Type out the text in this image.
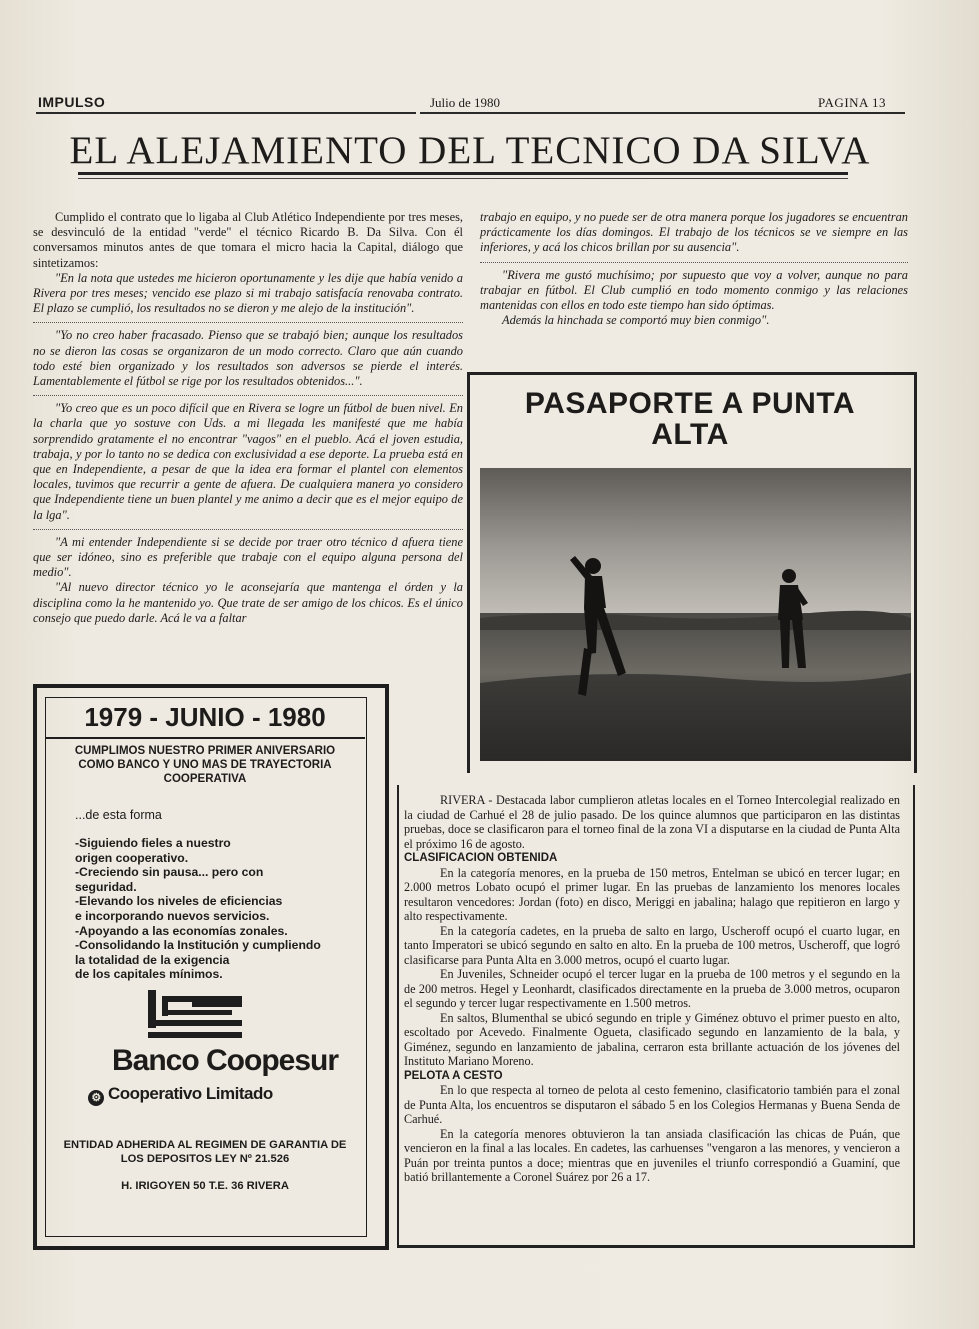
IMPULSO	Julio de 1980	PAGINA 13
EL ALEJAMIENTO DEL TECNICO DA SILVA

Cumplido el contrato que lo ligaba al Club Atlético Independiente por tres meses, se desvinculó de la entidad "verde" el técnico Ricardo B. Da Silva. Con él conversamos minutos antes de que tomara el micro hacia la Capital, diálogo que sintetizamos:

"En la nota que ustedes me hicieron oportunamente y les dije que había venido a Rivera por tres meses; vencido ese plazo si mi trabajo satisfacía renovaba contrato. El plazo se cumplió, los resultados no se dieron y me alejo de la institución".

"Yo no creo haber fracasado. Pienso que se trabajó bien; aunque los resultados no se dieron las cosas se organizaron de un modo correcto. Claro que aún cuando todo esté bien organizado y los resultados son adversos se pierde el interés. Lamentablemente el fútbol se rige por los resultados obtenidos...".

"Yo creo que es un poco difícil que en Rivera se logre un fútbol de buen nivel. En la charla que yo sostuve con Uds. a mi llegada les manifesté que me había sorprendido gratamente el no encontrar "vagos" en el pueblo. Acá el joven estudia, trabaja, y por lo tanto no se dedica con exclusividad a ese deporte. La prueba está en que en Independiente, a pesar de que la idea era formar el plantel con elementos locales, tuvimos que recurrir a gente de afuera. De cualquiera manera yo considero que Independiente tiene un buen plantel y me animo a decir que es el mejor equipo de la lga".

"A mi entender Independiente si se decide por traer otro técnico d afuera tiene que ser idóneo, sino es preferible que trabaje con el equipo alguna persona del medio".

"Al nuevo director técnico yo le aconsejaría que mantenga el órden y la disciplina como la he mantenido yo. Que trate de ser amigo de los chicos. Es el único consejo que puedo darle. Acá le va a faltar

trabajo en equipo, y no puede ser de otra manera porque los jugadores se encuentran prácticamente los días domingos. El trabajo de los técnicos se ve siempre en las inferiores, y acá los chicos brillan por su ausencia".

"Rivera me gustó muchísimo; por supuesto que voy a volver, aunque no para trabajar en fútbol. El Club cumplió en todo momento conmigo y las relaciones mantenidas con ellos en todo este tiempo han sido óptimas.

Además la hinchada se comportó muy bien conmigo".

PASAPORTE A PUNTA ALTA

RIVERA - Destacada labor cumplieron atletas locales en el Torneo Intercolegial realizado en la ciudad de Carhué el 28 de julio pasado. De los quince alumnos que participaron en las distintas pruebas, doce se clasificaron para el torneo final de la zona VI a disputarse en la ciudad de Punta Alta el próximo 16 de agosto.

CLASIFICACION OBTENIDA

En la categoría menores, en la prueba de 150 metros, Entelman se ubicó en tercer lugar; en 2.000 metros Lobato ocupó el primer lugar. En las pruebas de lanzamiento los menores locales resultaron vencedores: Jordan (foto) en disco, Meriggi en jabalina; halago que repitieron en largo y alto respectivamente.

En la categoría cadetes, en la prueba de salto en largo, Uscheroff ocupó el cuarto lugar, en tanto Imperatori se ubicó segundo en salto en alto. En la prueba de 100 metros, Uscheroff, que logró clasificarse para Punta Alta en 3.000 metros, ocupó el cuarto lugar.

En Juveniles, Schneider ocupó el tercer lugar en la prueba de 100 metros y el segundo en la de 200 metros. Hegel y Leonhardt, clasificados directamente en la prueba de 3.000 metros, ocuparon el segundo y tercer lugar respectivamente en 1.500 metros.

En saltos, Blumenthal se ubicó segundo en triple y Giménez obtuvo el primer puesto en alto, escoltado por Acevedo. Finalmente Ogueta, clasificado segundo en lanzamiento de la bala, y Giménez, segundo en lanzamiento de jabalina, cerraron esta brillante actuación de los jóvenes del Instituto Mariano Moreno.

PELOTA A CESTO

En lo que respecta al torneo de pelota al cesto femenino, clasificatorio también para el zonal de Punta Alta, los encuentros se disputaron el sábado 5 en los Colegios Hermanas y Buena Senda de Carhué.

En la categoría menores obtuvieron la tan ansiada clasificación las chicas de Puán, que vencieron en la final a las locales. En cadetes, las carhuenses "vengaron a las menores, y vencieron a Puán por treinta puntos a doce; mientras que en juveniles el triunfo correspondió a Guaminí, que batió brillantemente a Coronel Suárez por 26 a 17.

1979 - JUNIO - 1980
CUMPLIMOS NUESTRO PRIMER ANIVERSARIO COMO BANCO Y UNO MAS DE TRAYECTORIA COOPERATIVA
...de esta forma
-Siguiendo fieles a nuestro
origen cooperativo.
-Creciendo sin pausa... pero con
seguridad.
-Elevando los niveles de eficiencias
e incorporando nuevos servicios.
-Apoyando a las economías zonales.
-Consolidando la Institución y cumpliendo
la totalidad de la exigencia
de los capitales mínimos.
Banco Coopesur
⚙ Cooperativo Limitado
ENTIDAD ADHERIDA AL REGIMEN DE GARANTIA DE LOS DEPOSITOS LEY Nº 21.526
H. IRIGOYEN 50 T.E. 36 RIVERA
